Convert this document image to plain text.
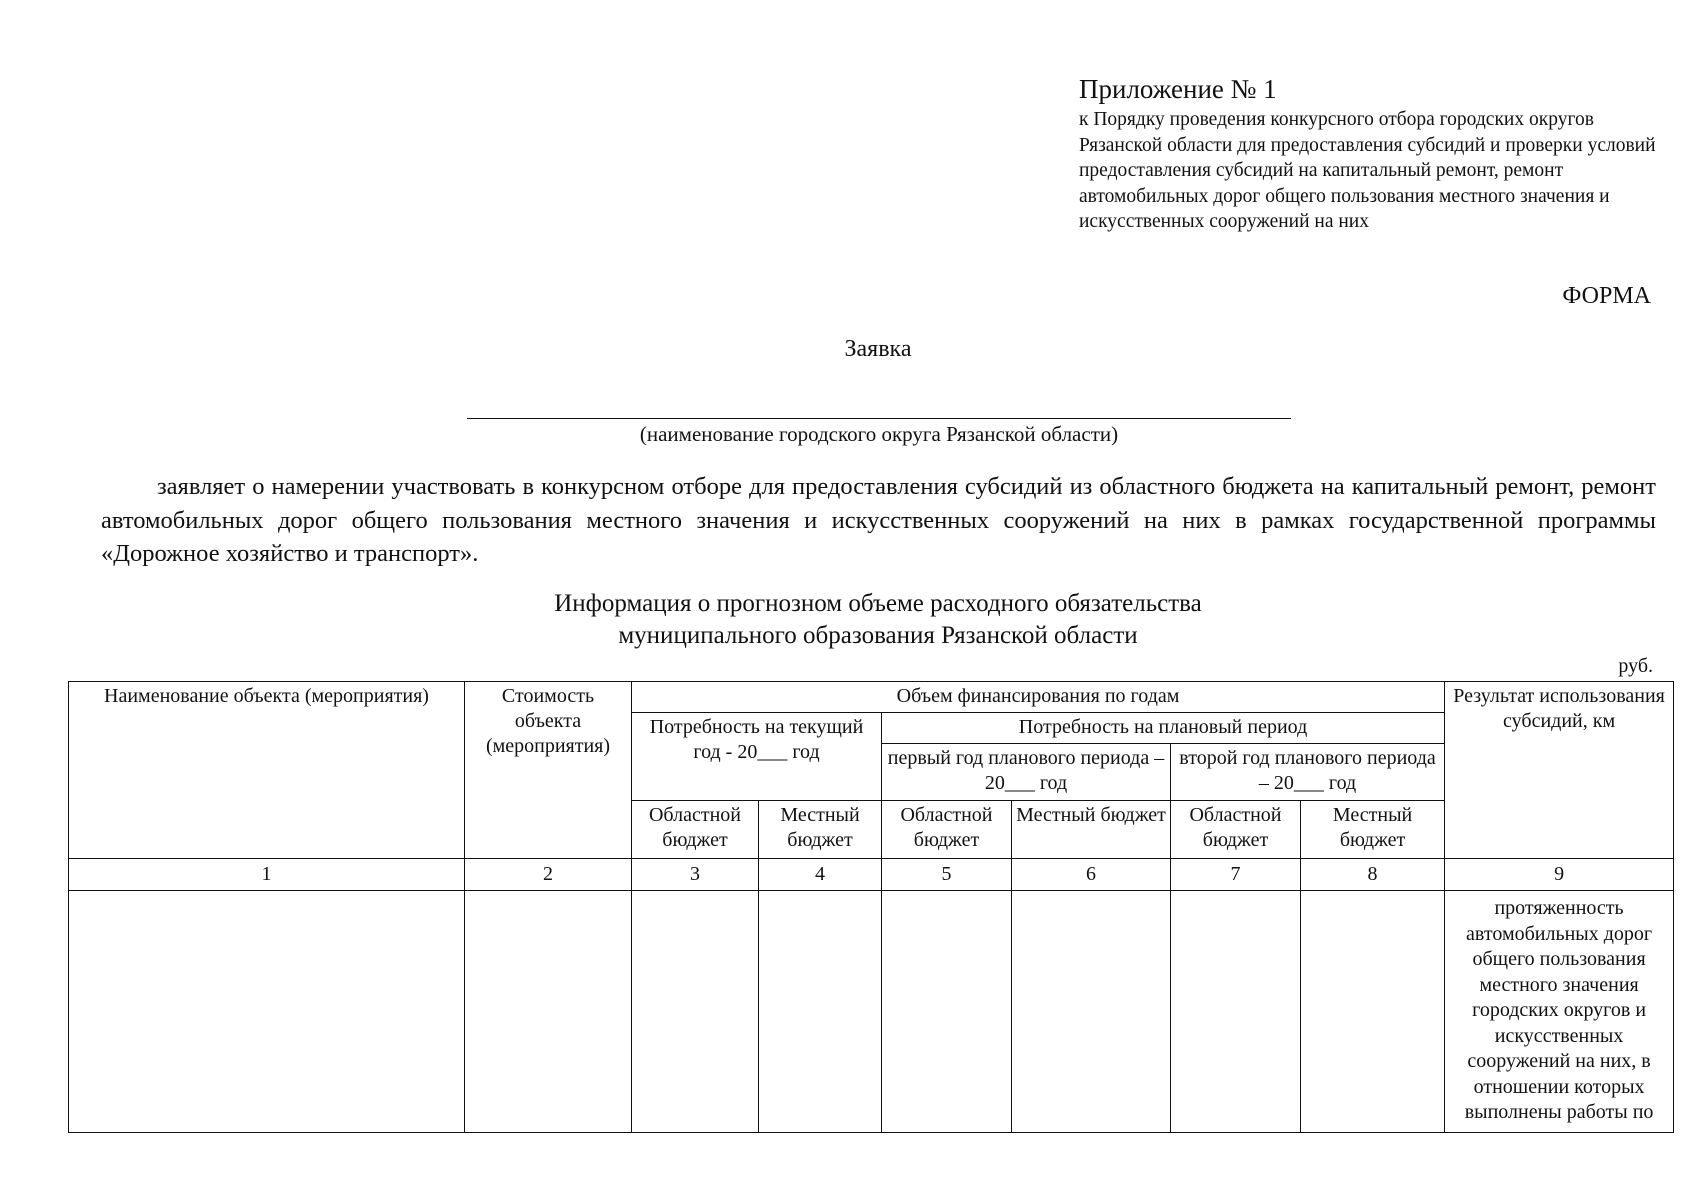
Приложение № 1
к Порядку проведения конкурсного отбора городских округов Рязанской области для предоставления субсидий и проверки условий предоставления субсидий на капитальный ремонт, ремонт автомобильных дорог общего пользования местного значения и искусственных сооружений на них
ФОРМА
Заявка
(наименование городского округа Рязанской области)
заявляет о намерении участвовать в конкурсном отборе для предоставления субсидий из областного бюджета на капитальный ремонт, ремонт автомобильных дорог общего пользования местного значения и искусственных сооружений на них в рамках государственной программы «Дорожное хозяйство и транспорт».
Информация о прогнозном объеме расходного обязательства
муниципального образования Рязанской области
руб.
Наименование объекта (мероприятия)	Стоимость объекта (мероприятия)	Объем финансирования по годам						Результат использования субсидий, км
		Потребность на текущий год - 20___ год		Потребность на плановый период				
				первый год планового периода – 20___ год		второй год планового периода – 20___ год		
		Областной бюджет	Местный бюджет	Областной бюджет	Местный бюджет	Областной бюджет	Местный бюджет	
1	2	3	4	5	6	7	8	9
								протяженность автомобильных дорог общего пользования местного значения городских округов и искусственных сооружений на них, в отношении которых выполнены работы по
